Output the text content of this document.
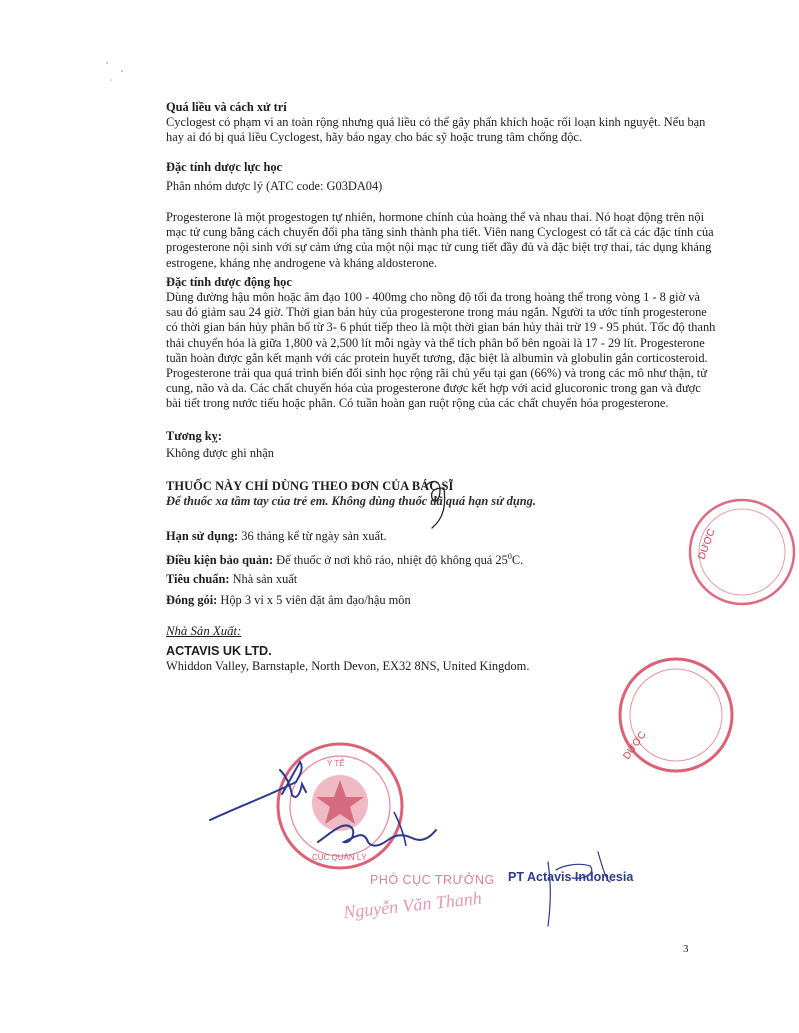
Quá liều và cách xử trí

Cyclogest có phạm vi an toàn rộng nhưng quá liều có thể gây phấn khích hoặc rối loạn kinh nguyệt. Nếu bạn hay ai đó bị quá liều Cyclogest, hãy báo ngay cho bác sỹ hoặc trung tâm chống độc.

Đặc tính dược lực học

Phân nhóm dược lý (ATC code: G03DA04)

Progesterone là một progestogen tự nhiên, hormone chính của hoàng thể và nhau thai. Nó hoạt động trên nội mạc tử cung bằng cách chuyển đổi pha tăng sinh thành pha tiết. Viên nang Cyclogest có tất cả các đặc tính của progesterone nội sinh với sự cảm ứng của một nội mạc tử cung tiết đầy đủ và đặc biệt trợ thai, tác dụng kháng estrogene, kháng nhẹ androgene và kháng aldosterone.

Đặc tính dược động học

Dùng đường hậu môn hoặc âm đạo 100 - 400mg cho nồng độ tối đa trong hoàng thể trong vòng 1 - 8 giờ và sau đó giảm sau 24 giờ. Thời gian bán hủy của progesterone trong máu ngắn. Người ta ước tính progesterone có thời gian bán hủy phân bố từ 3- 6 phút tiếp theo là một thời gian bán hủy thải trừ 19 - 95 phút. Tốc độ thanh thải chuyển hóa là giữa 1,800 và 2,500 lít mỗi ngày và thể tích phân bố bên ngoài là 17 - 29 lít. Progesterone tuần hoàn được gắn kết mạnh với các protein huyết tương, đặc biệt là albumin và globulin gắn corticosteroid. Progesterone trải qua quá trình biến đổi sinh học rộng rãi chủ yếu tại gan (66%) và trong các mô như thận, tử cung, não và da. Các chất chuyển hóa của progesterone được kết hợp với acid glucoronic trong gan và được bài tiết trong nước tiểu hoặc phân. Có tuần hoàn gan ruột rộng của các chất chuyển hóa progesterone.

Tương kỵ:

Không được ghi nhận

THUỐC NÀY CHỈ DÙNG THEO ĐƠN CỦA BÁC SĨ
Để thuốc xa tầm tay của trẻ em. Không dùng thuốc đã quá hạn sử dụng.
Hạn sử dụng: 36 tháng kể từ ngày sản xuất.
Điều kiện bảo quản: Để thuốc ở nơi khô ráo, nhiệt độ không quá $25^0C$.
Tiêu chuẩn: Nhà sản xuất
Đóng gói: Hộp 3 vỉ x 5 viên đặt âm đạo/hậu môn
Nhà Sản Xuất:
ACTAVIS UK LTD.
Whiddon Valley, Barnstaple, North Devon, EX32 8NS, United Kingdom.
DƯỢC
DƯỢC
Ý TẾ
CỤC QUẢN LÝ
PHÓ CỤC TRƯỞNG
Nguyễn Văn Thanh
PT Actavis Indonesia
3
